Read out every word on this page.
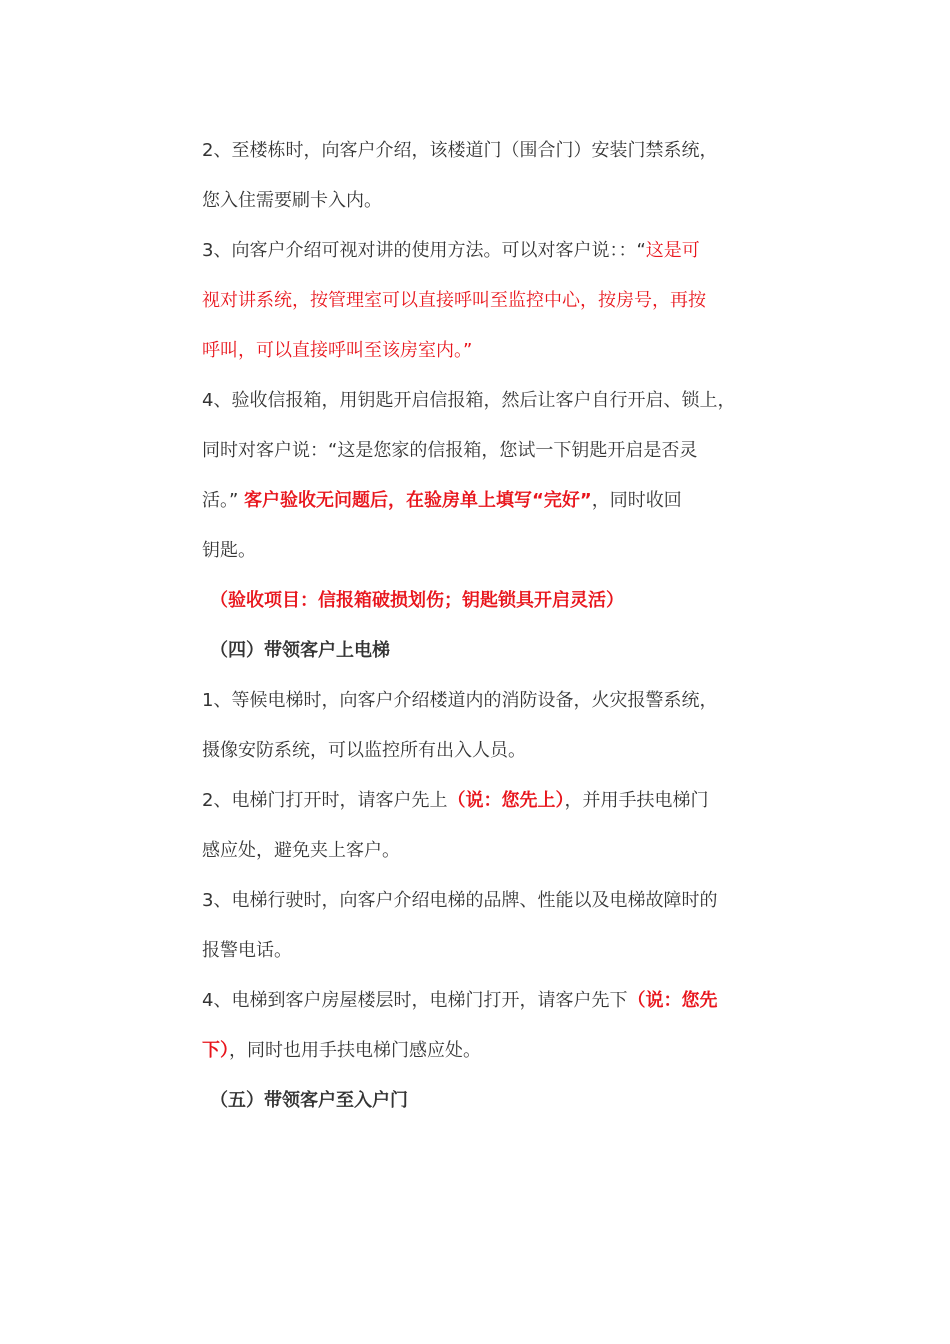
2、至楼栋时，向客户介绍，该楼道门（围合门）安装门禁系统，
您入住需要刷卡入内。
3、向客户介绍可视对讲的使用方法。可以对客户说：：“这是可
视对讲系统，按管理室可以直接呼叫至监控中心，按房号，再按
呼叫，可以直接呼叫至该房室内。”
4、验收信报箱，用钥匙开启信报箱，然后让客户自行开启、锁上，
同时对客户说：“这是您家的信报箱，您试一下钥匙开启是否灵
活。” 客户验收无问题后，在验房单上填写“完好”，同时收回
钥匙。
（验收项目：信报箱破损划伤；钥匙锁具开启灵活）
（四）带领客户上电梯
1、等候电梯时，向客户介绍楼道内的消防设备，火灾报警系统，
摄像安防系统，可以监控所有出入人员。
2、电梯门打开时，请客户先上（说：您先上），并用手扶电梯门
感应处，避免夹上客户。
3、电梯行驶时，向客户介绍电梯的品牌、性能以及电梯故障时的
报警电话。
4、电梯到客户房屋楼层时，电梯门打开，请客户先下（说：您先
下），同时也用手扶电梯门感应处。
（五）带领客户至入户门
